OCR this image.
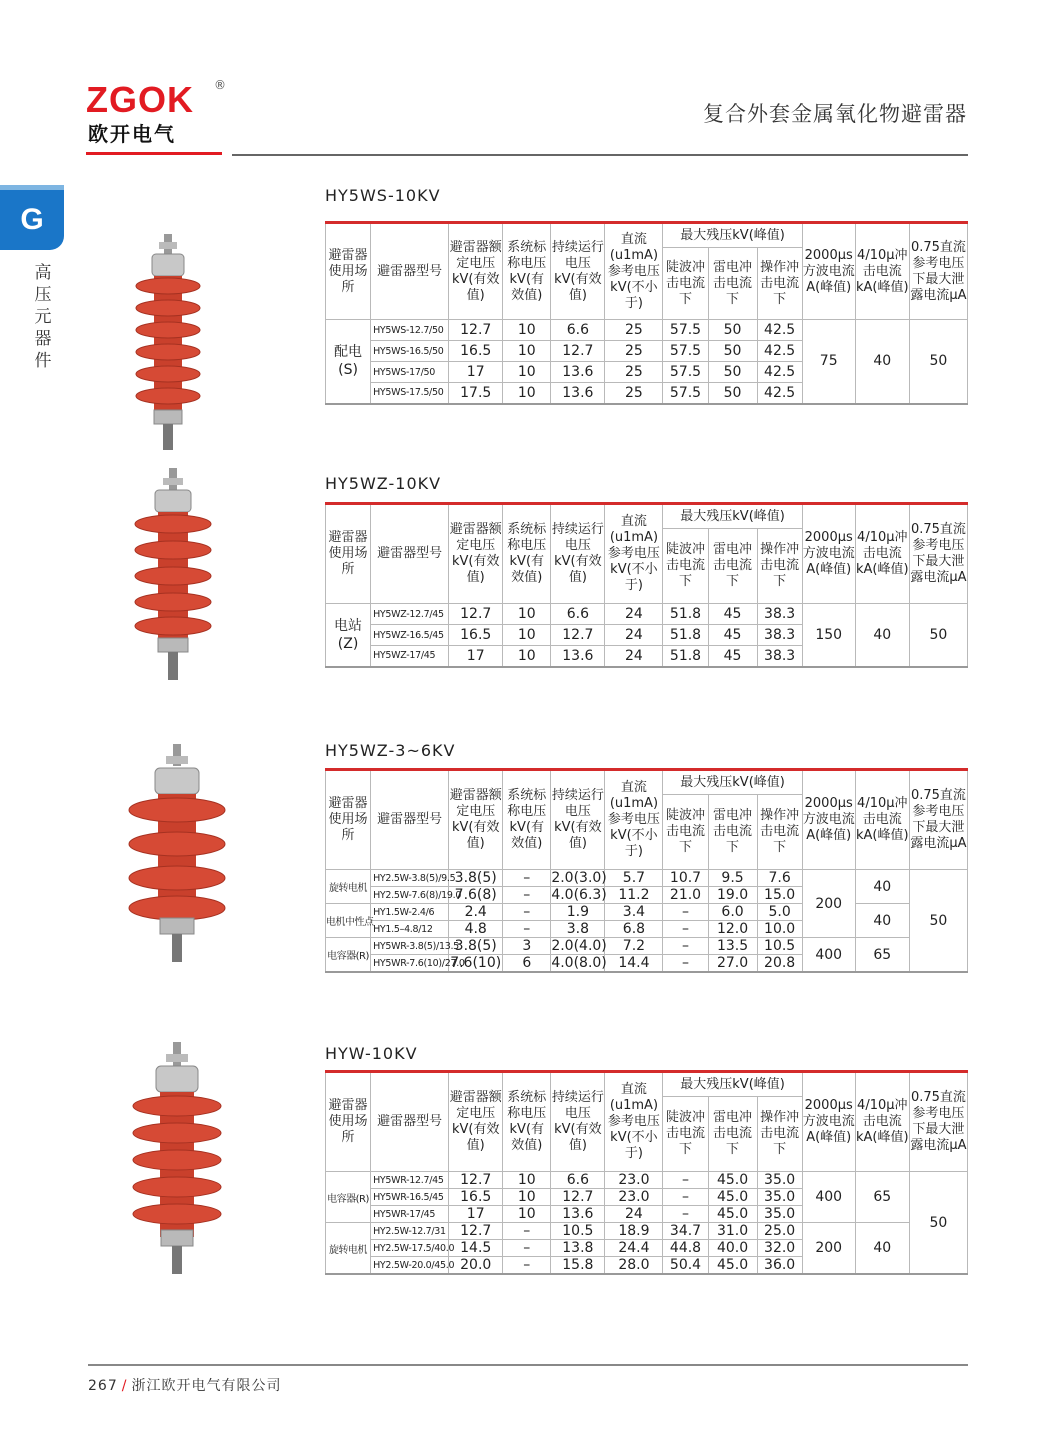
ZGOK	®
欧开电气
复合外套金属氧化物避雷器
G
高压元器件
HY5WS-10KV
避雷器使用场所	避雷器型号	避雷器额定电压kV(有效值)	系统标称电压kV(有效值)	持续运行电压kV(有效值)	直流(u1mA)参考电压kV(不小于)	最大残压kV(峰值)			2000μs方波电流A(峰值)	4/10μ冲击电流kA(峰值)	0.75直流参考电压下最大泄露电流μA
						陡波冲击电流下	雷电冲击电流下	操作冲击电流下			
配电(S)	HY5WS-12.7/50	12.7	10	6.6	25	57.5	50	42.5	75	40	50
	HY5WS-16.5/50	16.5	10	12.7	25	57.5	50	42.5			
	HY5WS-17/50	17	10	13.6	25	57.5	50	42.5			
	HY5WS-17.5/50	17.5	10	13.6	25	57.5	50	42.5			
HY5WZ-10KV
避雷器使用场所	避雷器型号	避雷器额定电压kV(有效值)	系统标称电压kV(有效值)	持续运行电压kV(有效值)	直流(u1mA)参考电压kV(不小于)	最大残压kV(峰值)			2000μs方波电流A(峰值)	4/10μ冲击电流kA(峰值)	0.75直流参考电压下最大泄露电流μA
						陡波冲击电流下	雷电冲击电流下	操作冲击电流下			
电站(Z)	HY5WZ-12.7/45	12.7	10	6.6	24	51.8	45	38.3	150	40	50
	HY5WZ-16.5/45	16.5	10	12.7	24	51.8	45	38.3			
	HY5WZ-17/45	17	10	13.6	24	51.8	45	38.3			
HY5WZ-3~6KV
避雷器使用场所	避雷器型号	避雷器额定电压kV(有效值)	系统标称电压kV(有效值)	持续运行电压kV(有效值)	直流(u1mA)参考电压kV(不小于)	最大残压kV(峰值)			2000μs方波电流A(峰值)	4/10μ冲击电流kA(峰值)	0.75直流参考电压下最大泄露电流μA
						陡波冲击电流下	雷电冲击电流下	操作冲击电流下			
旋转电机	HY2.5W-3.8(5)/9.5	3.8(5)	–	2.0(3.0)	5.7	10.7	9.5	7.6	200	40	50
	HY2.5W-7.6(8)/19.0	7.6(8)	–	4.0(6.3)	11.2	21.0	19.0	15.0			
电机中性点	HY1.5W-2.4/6	2.4	–	1.9	3.4	–	6.0	5.0		40	
	HY1.5–4.8/12	4.8	–	3.8	6.8	–	12.0	10.0			
电容器(R)	HY5WR-3.8(5)/13.5	3.8(5)	3	2.0(4.0)	7.2	–	13.5	10.5	400	65	
	HY5WR-7.6(10)/27.0	7.6(10)	6	4.0(8.0)	14.4	–	27.0	20.8			
HYW-10KV
避雷器使用场所	避雷器型号	避雷器额定电压kV(有效值)	系统标称电压kV(有效值)	持续运行电压kV(有效值)	直流(u1mA)参考电压kV(不小于)	最大残压kV(峰值)			2000μs方波电流A(峰值)	4/10μ冲击电流kA(峰值)	0.75直流参考电压下最大泄露电流μA
						陡波冲击电流下	雷电冲击电流下	操作冲击电流下			
电容器(R)	HY5WR-12.7/45	12.7	10	6.6	23.0	–	45.0	35.0	400	65	50
	HY5WR-16.5/45	16.5	10	12.7	23.0	–	45.0	35.0			
	HY5WR-17/45	17	10	13.6	24	–	45.0	35.0			
旋转电机	HY2.5W-12.7/31	12.7	–	10.5	18.9	34.7	31.0	25.0	200	40	
	HY2.5W-17.5/40.0	14.5	–	13.8	24.4	44.8	40.0	32.0			
	HY2.5W-20.0/45.0	20.0	–	15.8	28.0	50.4	45.0	36.0			
267 / 浙江欧开电气有限公司
